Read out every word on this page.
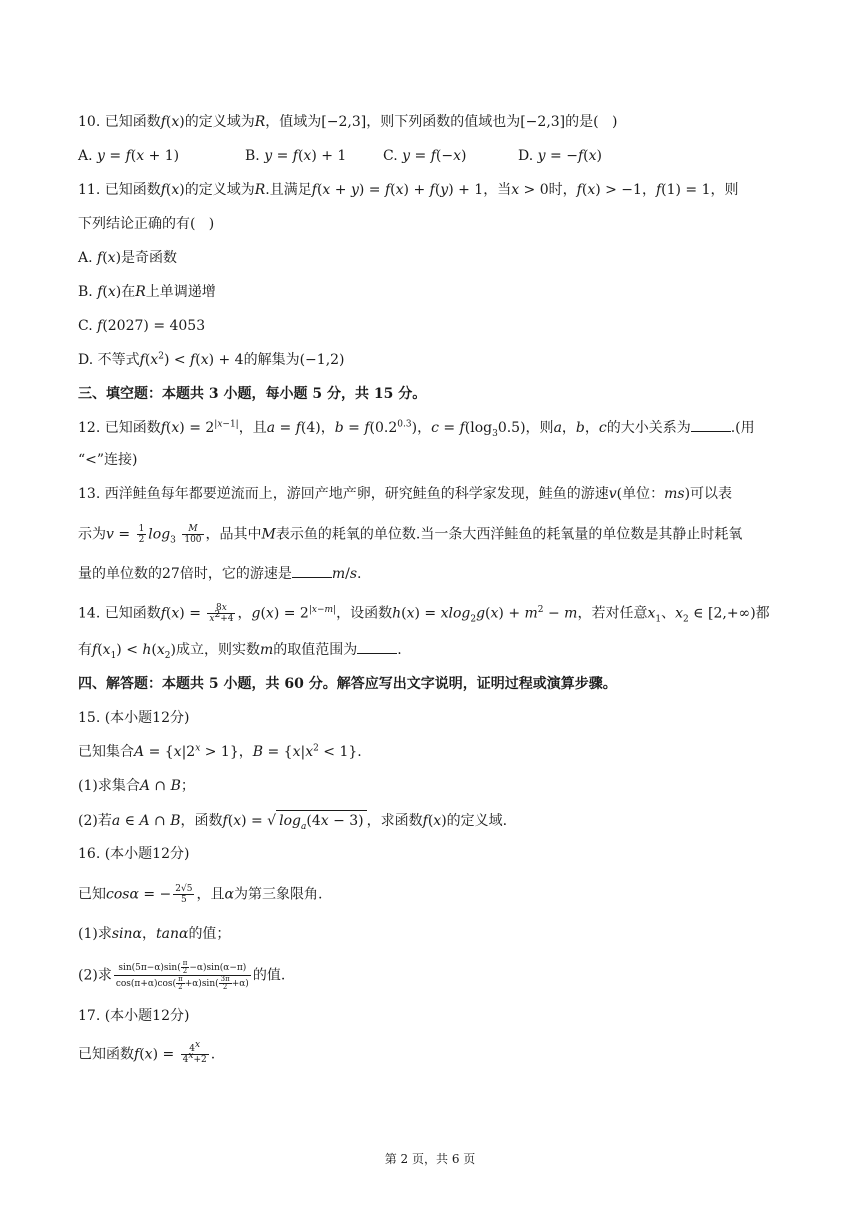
10. 已知函数f(x)的定义域为R，值域为[−2,3]，则下列函数的值域也为[−2,3]的是(   )
A. y = f(x + 1)	B. y = f(x) + 1	C. y = f(−x)	D. y = −f(x)
11. 已知函数f(x)的定义域为R.且满足f(x + y) = f(x) + f(y) + 1，当x > 0时，f(x) > −1，f(1) = 1，则
下列结论正确的有(   )
A. f(x)是奇函数
B. f(x)在R上单调递增
C. f(2027) = 4053
D. 不等式$f(x^2) < f(x) + 4$的解集为(−1,2)
三、填空题：本题共 3 小题，每小题 5 分，共 15 分。
12. 已知函数$f(x) = 2^{|x-1|}$，且a = f(4)，$b = f(0.2^{0.3})$，$c = f(\log_30.5)$，则a，b，c的大小关系为	.(用
“<”连接)
13. 西洋鲑鱼每年都要逆流而上，游回产地产卵，研究鲑鱼的科学家发现，鲑鱼的游速v(单位：ms)可以表
示为$v = \frac{1}{2} \log_3 \frac{M}{100}$ ，品其中M表示鱼的耗氧的单位数.当一条大西洋鲑鱼的耗氧量的单位数是其静止时耗氧
量的单位数的27倍时，它的游速是	m/s.
14. 已知函数$f(x) = \frac{8x}{x^2+4}$ ，$g(x) = 2^{|x-m|}$，设函数$h(x) = xlog_2g(x) + m^2 - m$，若对任意$x_1$、$x_2$ ∈ [2,+∞)都
有$f(x_1) < h(x_2)$成立，则实数m的取值范围为	.
四、解答题：本题共 5 小题，共 60 分。解答应写出文字说明，证明过程或演算步骤。
15. (本小题12分)
已知集合$A = \{x|2^x > 1\}$，$B = \{x|x^2 < 1\}$.
(1)求集合A ∩ B；
(2)若a ∈ A ∩ B，函数f(x) = √ $\log_a(4x - 3)$ ，求函数f(x)的定义域.
16. (本小题12分)
已知cosα = − $\frac{2√5}{5}$ ，且α为第三象限角.
(1)求sinα，tanα的值；
(2)求 $\frac{\sin(5\pi-\alpha)\sin( \frac{\pi}{2} -\alpha)\sin(\alpha-\pi)}{\cos(\pi+\alpha)\cos( \frac{\pi}{2} +\alpha)\sin( \frac{3\pi}{2} +\alpha)}$ 的值.
17. (本小题12分)
已知函数$f(x) = \frac{4^x}{4^x+2}$ .
第 2 页，共 6 页
